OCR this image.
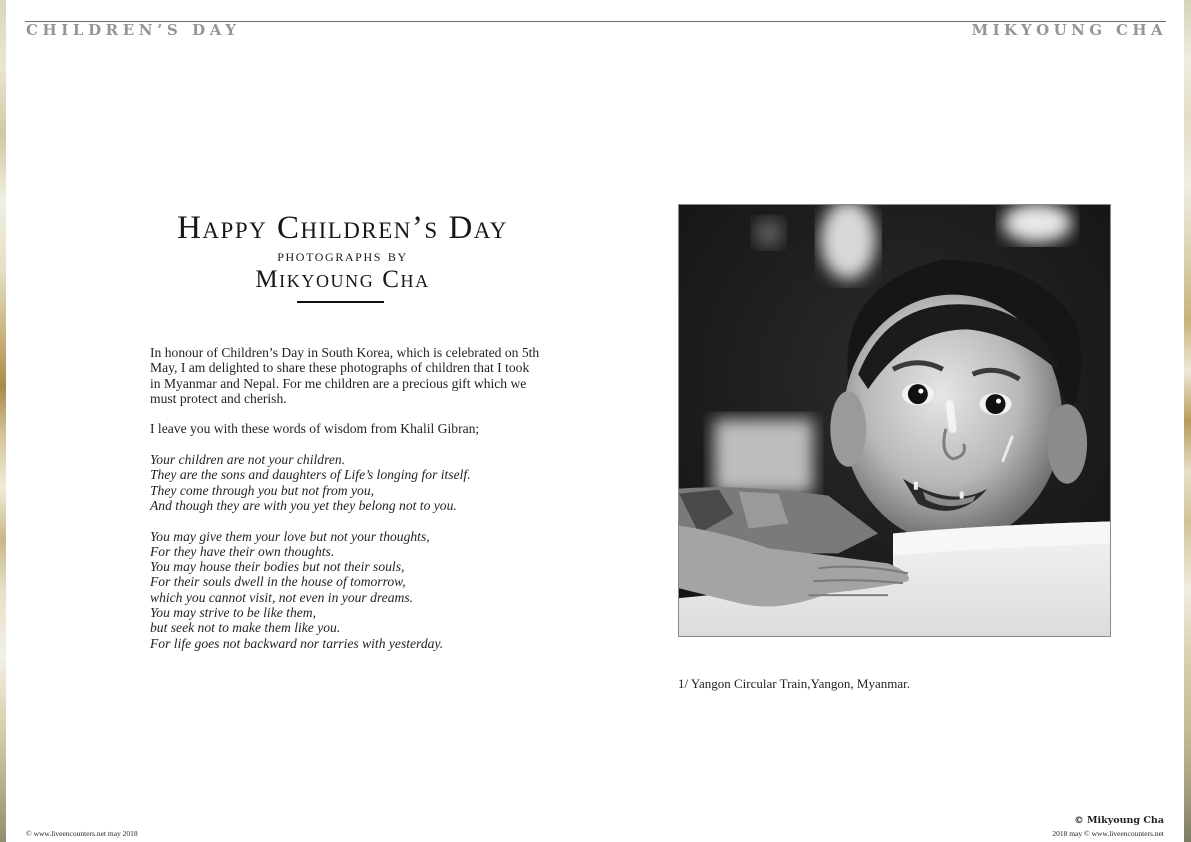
CHILDREN’S DAY	MIKYOUNG CHA
Happy Children’s Day
photographs by
Mikyoung Cha

In honour of Children’s Day in South Korea, which is celebrated on 5th May, I am delighted to share these photographs of children that I took in Myanmar and Nepal. For me children are a precious gift which we must protect and cherish.

I leave you with these words of wisdom from Khalil Gibran;

Your children are not your children.

They are the sons and daughters of Life’s longing for itself.

They come through you but not from you,

And though they are with you yet they belong not to you.

You may give them your love but not your thoughts,

For they have their own thoughts.

You may house their bodies but not their souls,

For their souls dwell in the house of tomorrow,

which you cannot visit, not even in your dreams.

You may strive to be like them,

but seek not to make them like you.

For life goes not backward nor tarries with yesterday.

1/ Yangon Circular Train,Yangon, Myanmar.
© www.liveencounters.net may 2018
© Mikyoung Cha
2018 may © www.liveencounters.net
